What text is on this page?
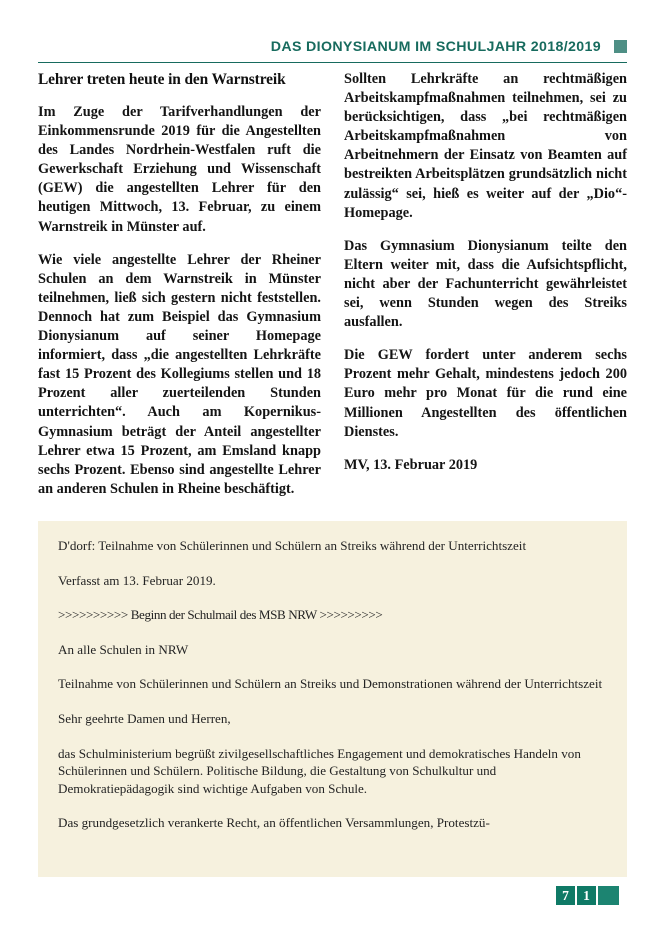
DAS DIONYSIANUM IM SCHULJAHR 2018/2019
Lehrer treten heute in den Warnstreik

Im Zuge der Tarifverhandlungen der Einkommensrunde 2019 für die Angestellten des Landes Nordrhein-Westfalen ruft die Gewerkschaft Erziehung und Wissenschaft (GEW) die angestellten Lehrer für den heutigen Mittwoch, 13. Februar, zu einem Warnstreik in Münster auf.

Wie viele angestellte Lehrer der Rheiner Schulen an dem Warnstreik in Münster teilnehmen, ließ sich gestern nicht feststellen. Dennoch hat zum Beispiel das Gymnasium Dionysianum auf seiner Homepage informiert, dass „die angestellten Lehrkräfte fast 15 Prozent des Kollegiums stellen und 18 Prozent aller zuerteilenden Stunden unterrichten“. Auch am Kopernikus-Gymnasium beträgt der Anteil angestellter Lehrer etwa 15 Prozent, am Emsland knapp sechs Prozent. Ebenso sind angestellte Lehrer an anderen Schulen in Rheine beschäftigt.

Sollten Lehrkräfte an rechtmäßigen Arbeitskampfmaßnahmen teilnehmen, sei zu berücksichtigen, dass „bei rechtmäßigen Arbeitskampfmaßnahmen von Arbeitnehmern der Einsatz von Beamten auf bestreikten Arbeitsplätzen grundsätzlich nicht zulässig“ sei, hieß es weiter auf der „Dio“-Homepage.

Das Gymnasium Dionysianum teilte den Eltern weiter mit, dass die Aufsichtspflicht, nicht aber der Fachunterricht gewährleistet sei, wenn Stunden wegen des Streiks ausfallen.

Die GEW fordert unter anderem sechs Prozent mehr Gehalt, mindestens jedoch 200 Euro mehr pro Monat für die rund eine Millionen Angestellten des öffentlichen Dienstes.

MV, 13. Februar 2019

D'dorf: Teilnahme von Schülerinnen und Schülern an Streiks während der Unterrichtszeit

Verfasst am 13. Februar 2019.

>>>>>>>>>> Beginn der Schulmail des MSB NRW >>>>>>>>>

An alle Schulen in NRW

Teilnahme von Schülerinnen und Schülern an Streiks und Demonstrationen während der Unterrichtszeit

Sehr geehrte Damen und Herren,

das Schulministerium begrüßt zivilgesellschaftliches Engagement und demokratisches Handeln von Schülerinnen und Schülern. Politische Bildung, die Gestaltung von Schulkultur und Demokratiepädagogik sind wichtige Aufgaben von Schule.

Das grundgesetzlich verankerte Recht, an öffentlichen Versammlungen, Protestzü-

7	1
